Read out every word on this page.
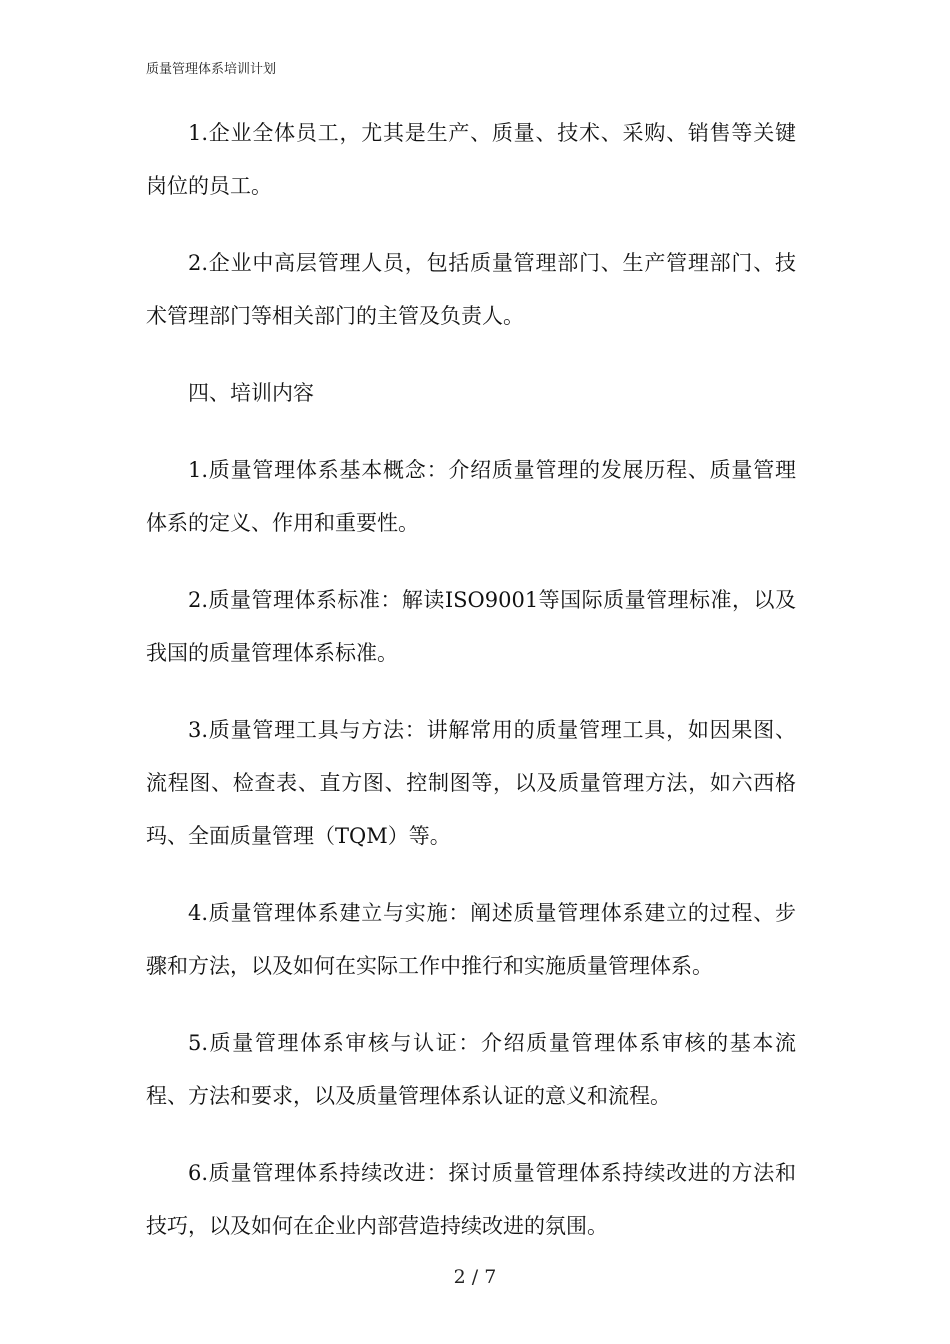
质量管理体系培训计划

1.企业全体员工，尤其是生产、质量、技术、采购、销售等关键岗位的员工。

2.企业中高层管理人员，包括质量管理部门、生产管理部门、技术管理部门等相关部门的主管及负责人。

四、培训内容

1.质量管理体系基本概念：介绍质量管理的发展历程、质量管理体系的定义、作用和重要性。

2.质量管理体系标准：解读ISO9001等国际质量管理标准，以及我国的质量管理体系标准。

3.质量管理工具与方法：讲解常用的质量管理工具，如因果图、流程图、检查表、直方图、控制图等，以及质量管理方法，如六西格玛、全面质量管理（TQM）等。

4.质量管理体系建立与实施：阐述质量管理体系建立的过程、步骤和方法，以及如何在实际工作中推行和实施质量管理体系。

5.质量管理体系审核与认证：介绍质量管理体系审核的基本流程、方法和要求，以及质量管理体系认证的意义和流程。

6.质量管理体系持续改进：探讨质量管理体系持续改进的方法和技巧，以及如何在企业内部营造持续改进的氛围。

2 / 7
